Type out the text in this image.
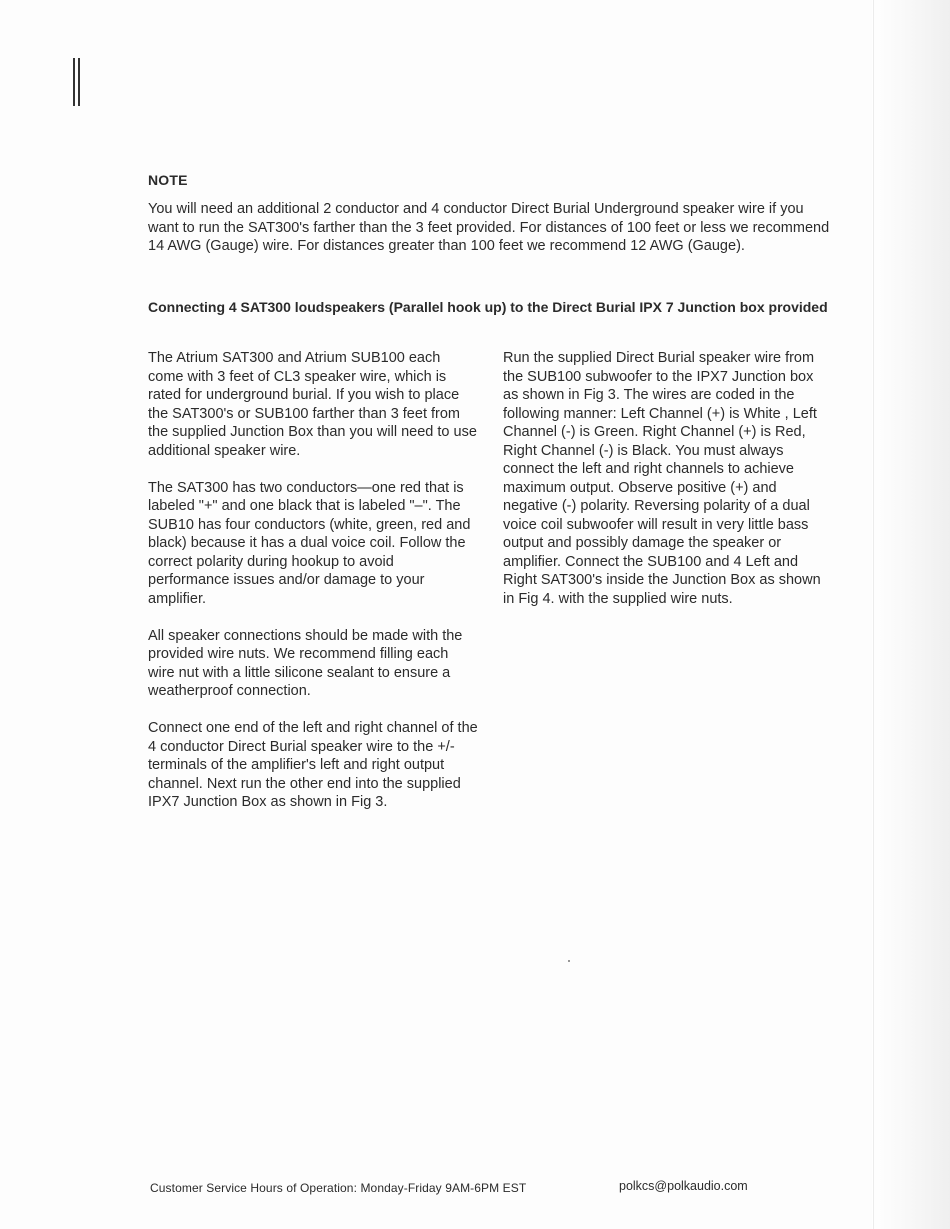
NOTE
You will need an additional 2 conductor and 4 conductor Direct Burial Underground speaker wire if you want to run the SAT300's farther than the 3 feet provided. For distances of 100 feet or less we recommend 14 AWG (Gauge) wire. For distances greater than 100 feet we recommend 12 AWG (Gauge).
Connecting 4 SAT300 loudspeakers (Parallel hook up) to the Direct Burial IPX 7 Junction box provided

The Atrium SAT300 and Atrium SUB100 each come with 3 feet of CL3 speaker wire, which is rated for underground burial. If you wish to place the SAT300's or SUB100 farther than 3 feet from the supplied Junction Box than you will need to use additional speaker wire.

The SAT300 has two conductors—one red that is labeled "+" and one black that is labeled "–". The SUB10 has four conductors (white, green, red and black) because it has a dual voice coil. Follow the correct polarity during hookup to avoid performance issues and/or damage to your amplifier.

All speaker connections should be made with the provided wire nuts. We recommend filling each wire nut with a little silicone sealant to ensure a weatherproof connection.

Connect one end of the left and right channel of the 4 conductor Direct Burial speaker wire to the +/- terminals of the amplifier's left and right output channel. Next run the other end into the supplied IPX7 Junction Box as shown in Fig 3.

Run the supplied Direct Burial speaker wire from the SUB100 subwoofer to the IPX7 Junction box as shown in Fig 3. The wires are coded in the following manner: Left Channel (+) is White , Left Channel (-) is Green. Right Channel (+) is Red, Right Channel (-) is Black. You must always connect the left and right channels to achieve maximum output. Observe positive (+) and negative (-) polarity. Reversing polarity of a dual voice coil subwoofer will result in very little bass output and possibly damage the speaker or amplifier. Connect the SUB100 and 4 Left and Right SAT300's inside the Junction Box as shown in Fig 4. with the supplied wire nuts.

Customer Service Hours of Operation: Monday-Friday 9AM-6PM EST	polkcs@polkaudio.com
